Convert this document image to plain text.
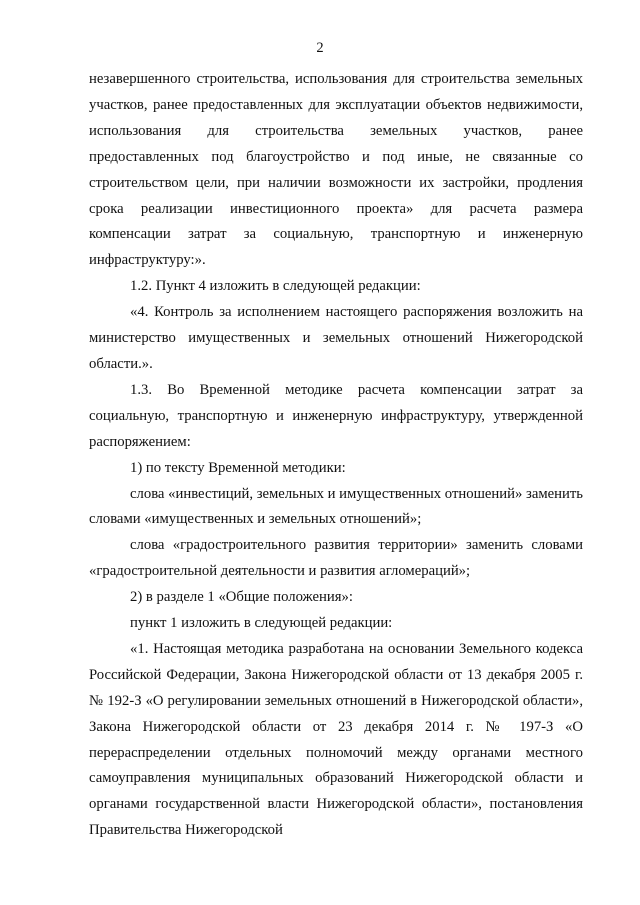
2

незавершенного строительства, использования для строительства земельных участков, ранее предоставленных для эксплуатации объектов недвижимости, использования для строительства земельных участков, ранее предоставленных под благоустройство и под иные, не связанные со строительством цели, при наличии возможности их застройки, продления срока реализации инвестиционного проекта» для расчета размера компенсации затрат за социальную, транспортную и инженерную инфраструктуру:».

1.2. Пункт 4 изложить в следующей редакции:

«4. Контроль за исполнением настоящего распоряжения возложить на министерство имущественных и земельных отношений Нижегородской области.».

1.3. Во Временной методике расчета компенсации затрат за социальную, транспортную и инженерную инфраструктуру, утвержденной распоряжением:

1) по тексту Временной методики:

слова «инвестиций, земельных и имущественных отношений» заменить словами «имущественных и земельных отношений»;

слова «градостроительного развития территории» заменить словами «градостроительной деятельности и развития агломераций»;

2) в разделе 1 «Общие положения»:

пункт 1 изложить в следующей редакции:

«1. Настоящая методика разработана на основании Земельного кодекса Российской Федерации, Закона Нижегородской области от 13 декабря 2005 г. № 192-З «О регулировании земельных отношений в Нижегородской области», Закона Нижегородской области от 23 декабря 2014 г. № 197-З «О перераспределении отдельных полномочий между органами местного самоуправления муниципальных образований Нижегородской области и органами государственной власти Нижегородской области», постановления Правительства Нижегородской
